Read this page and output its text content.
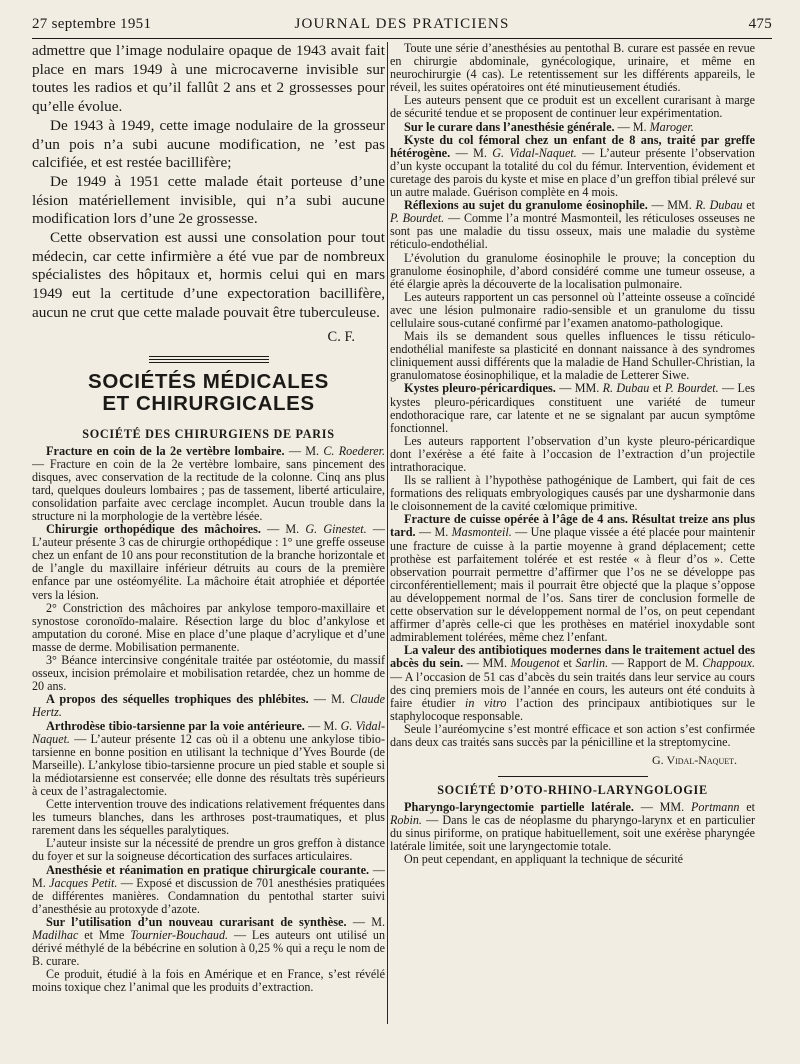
27 septembre 1951	JOURNAL DES PRATICIENS	475

admettre que l’image nodulaire opaque de 1943 avait fait place en mars 1949 à une microcaverne invisible sur toutes les radios et qu’il fallût 2 ans et 2 grossesses pour qu’elle évolue.

De 1943 à 1949, cette image nodulaire de la grosseur d’un pois n’a subi aucune modification, ne ’est pas calcifiée, et est restée bacillifère;

De 1949 à 1951 cette malade était porteuse d’une lésion matériellement invisible, qui n’a subi aucune modification lors d’une 2e grossesse.

Cette observation est aussi une consolation pour tout médecin, car cette infirmière a été vue par de nombreux spécialistes des hôpitaux et, hormis celui qui en mars 1949 eut la certitude d’une expectoration bacillifère, aucun ne crut que cette malade pouvait être tuberculeuse.

C. F.
SOCIÉTÉS MÉDICALES
ET CHIRURGICALES
SOCIÉTÉ DES CHIRURGIENS DE PARIS

Fracture en coin de la 2e vertèbre lombaire. — M. C. Roederer. — Fracture en coin de la 2e vertèbre lombaire, sans pincement des disques, avec conservation de la rectitude de la colonne. Cinq ans plus tard, quelques douleurs lombaires ; pas de tassement, liberté articulaire, consolidation parfaite avec cerclage incomplet. Aucun trouble dans la structure ni la morphologie de la vertèbre lésée.

Chirurgie orthopédique des mâchoires. — M. G. Ginestet. — L’auteur présente 3 cas de chirurgie orthopédique : 1° une greffe osseuse chez un enfant de 10 ans pour reconstitution de la branche horizontale et de l’angle du maxillaire inférieur détruits au cours de la première enfance par une ostéomyélite. La mâchoire était atrophiée et déportée vers la lésion.

2° Constriction des mâchoires par ankylose temporo-maxillaire et synostose coronoïdo-malaire. Résection large du bloc d’ankylose et amputation du coroné. Mise en place d’une plaque d’acrylique et d’une masse de derme. Mobilisation permanente.

3° Béance intercinsive congénitale traitée par ostéotomie, du massif osseux, incision prémolaire et mobilisation retardée, chez un homme de 20 ans.

A propos des séquelles trophiques des phlébites. — M. Claude Hertz.

Arthrodèse tibio-tarsienne par la voie antérieure. — M. G. Vidal-Naquet. — L’auteur présente 12 cas où il a obtenu une ankylose tibio-tarsienne en bonne position en utilisant la technique d’Yves Bourde (de Marseille). L’ankylose tibio-tarsienne procure un pied stable et souple si la médiotarsienne est conservée; elle donne des résultats très supérieurs à ceux de l’astragalectomie.

Cette intervention trouve des indications relativement fréquentes dans les tumeurs blanches, dans les arthroses post-traumatiques, et plus rarement dans les séquelles paralytiques.

L’auteur insiste sur la nécessité de prendre un gros greffon à distance du foyer et sur la soigneuse décortication des surfaces articulaires.

Anesthésie et réanimation en pratique chirurgicale courante. — M. Jacques Petit. — Exposé et discussion de 701 anesthésies pratiquées de différentes manières. Condamnation du pentothal starter suivi d’anesthésie au protoxyde d’azote.

Sur l’utilisation d’un nouveau curarisant de synthèse. — M. Madilhac et Mme Tournier-Bouchaud. — Les auteurs ont utilisé un dérivé méthylé de la bébécrine en solution à 0,25 % qui a reçu le nom de B. curare.

Ce produit, étudié à la fois en Amérique et en France, s’est révélé moins toxique chez l’animal que les produits d’extraction.

Toute une série d’anesthésies au pentothal B. curare est passée en revue en chirurgie abdominale, gynécologique, urinaire, et même en neurochirurgie (4 cas). Le retentissement sur les différents appareils, le réveil, les suites opératoires ont été minutieusement étudiés.

Les auteurs pensent que ce produit est un excellent curarisant à marge de sécurité tendue et se proposent de continuer leur expérimentation.

Sur le curare dans l’anesthésie générale. — M. Maroger.

Kyste du col fémoral chez un enfant de 8 ans, traité par greffe hétérogène. — M. G. Vidal-Naquet. — L’auteur présente l’observation d’un kyste occupant la totalité du col du fémur. Intervention, évidement et curetage des parois du kyste et mise en place d’un greffon tibial prélevé sur un autre malade. Guérison complète en 4 mois.

Réflexions au sujet du granulome éosinophile. — MM. R. Dubau et P. Bourdet. — Comme l’a montré Masmonteil, les réticuloses osseuses ne sont pas une maladie du tissu osseux, mais une maladie du système réticulo-endothélial.

L’évolution du granulome éosinophile le prouve; la conception du granulome éosinophile, d’abord considéré comme une tumeur osseuse, a été élargie après la découverte de la localisation pulmonaire.

Les auteurs rapportent un cas personnel où l’atteinte osseuse a coïncidé avec une lésion pulmonaire radio-sensible et un granulome du tissu cellulaire sous-cutané confirmé par l’examen anatomo-pathologique.

Mais ils se demandent sous quelles influences le tissu réticulo-endothélial manifeste sa plasticité en donnant naissance à des syndromes cliniquement aussi différents que la maladie de Hand Schuller-Christian, la granulomatose éosinophilique, et la maladie de Letterer Siwe.

Kystes pleuro-péricardiques. — MM. R. Dubau et P. Bourdet. — Les kystes pleuro-péricardiques constituent une variété de tumeur endothoracique rare, car latente et ne se signalant par aucun symptôme fonctionnel.

Les auteurs rapportent l’observation d’un kyste pleuro-péricardique dont l’exérèse a été faite à l’occasion de l’extraction d’un projectile intrathoracique.

Ils se rallient à l’hypothèse pathogénique de Lambert, qui fait de ces formations des reliquats embryologiques causés par une dysharmonie dans le cloisonnement de la cavité cœlomique primitive.

Fracture de cuisse opérée à l’âge de 4 ans. Résultat treize ans plus tard. — M. Masmonteil. — Une plaque vissée a été placée pour maintenir une fracture de cuisse à la partie moyenne à grand déplacement; cette prothèse est parfaitement tolérée et est restée « à fleur d’os ». Cette observation pourrait permettre d’affirmer que l’os ne se développe pas circonférentiellement; mais il pourrait être objecté que la plaque s’oppose au développement normal de l’os. Sans tirer de conclusion formelle de cette observation sur le développement normal de l’os, on peut cependant affirmer d’après celle-ci que les prothèses en matériel inoxydable sont admirablement tolérées, même chez l’enfant.

La valeur des antibiotiques modernes dans le traitement actuel des abcès du sein. — MM. Mougenot et Sarlin. — Rapport de M. Chappoux. — A l’occasion de 51 cas d’abcès du sein traités dans leur service au cours des cinq premiers mois de l’année en cours, les auteurs ont été conduits à faire étudier in vitro l’action des principaux antibiotiques sur le staphylocoque responsable.

Seule l’auréomycine s’est montré efficace et son action s’est confirmée dans deux cas traités sans succès par la pénicilline et la streptomycine.

G. Vidal-Naquet.
SOCIÉTÉ D’OTO-RHINO-LARYNGOLOGIE

Pharyngo-laryngectomie partielle latérale. — MM. Portmann et Robin. — Dans le cas de néoplasme du pharyngo-larynx et en particulier du sinus piriforme, on pratique habituellement, soit une exérèse pharyngée latérale limitée, soit une laryngectomie totale.

On peut cependant, en appliquant la technique de sécurité
